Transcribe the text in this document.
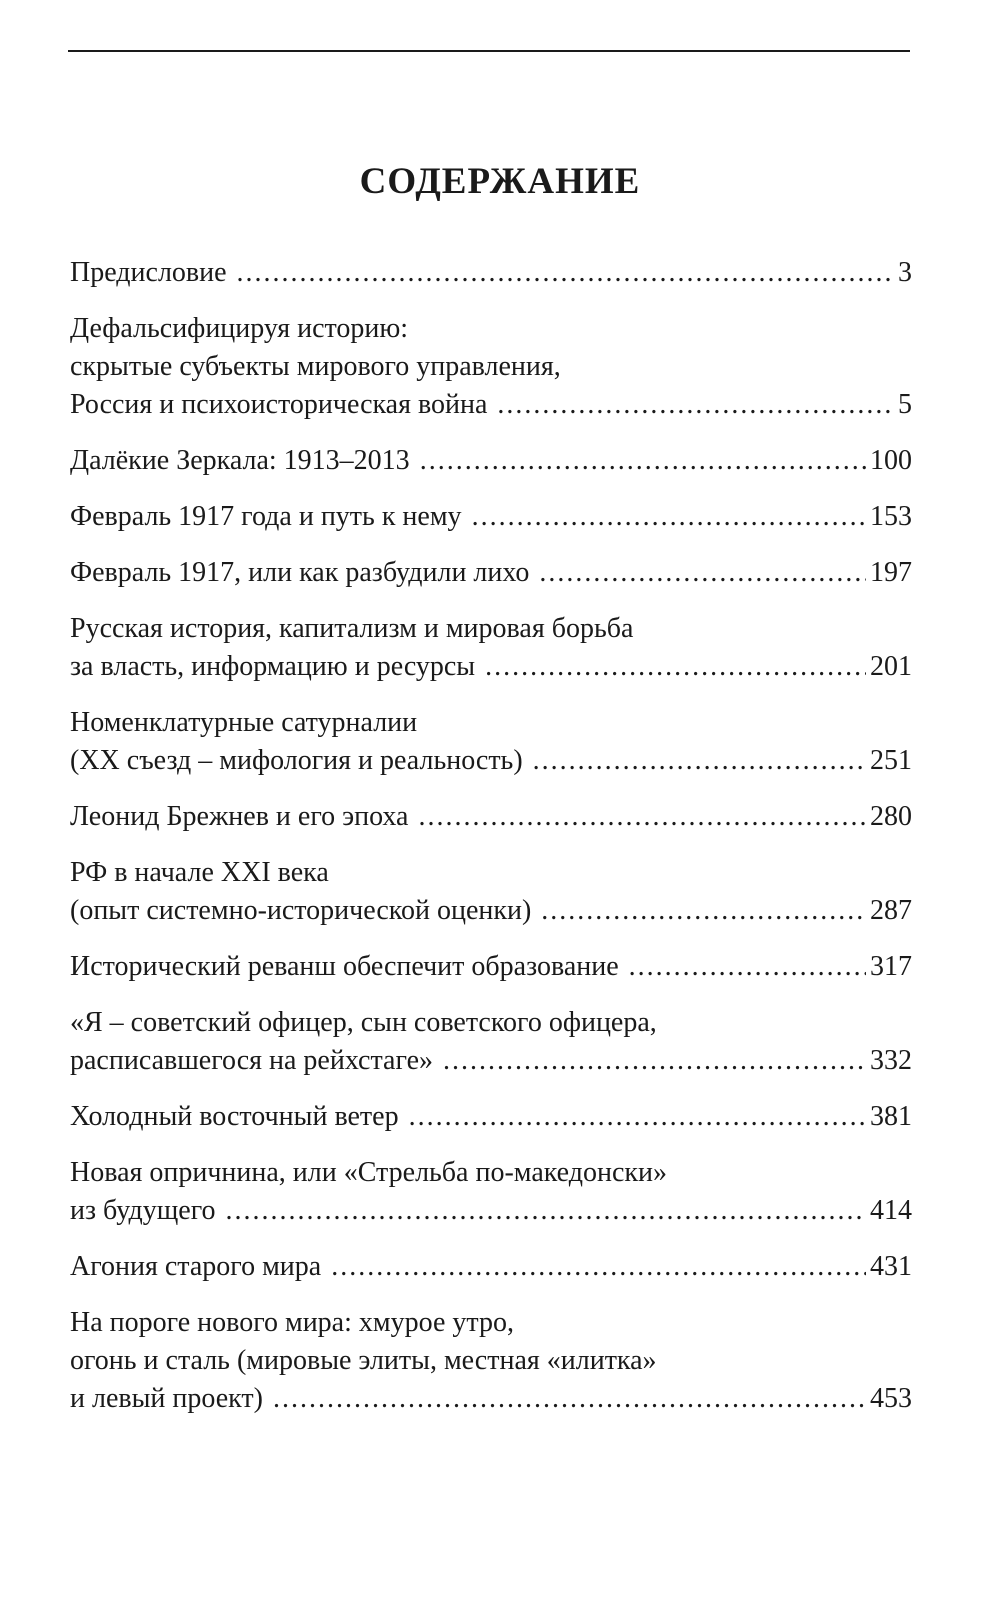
СОДЕРЖАНИЕ
Предисловие .....	3
Дефальсифицируя историю:
скрытые субъекты мирового управления,
Россия и психоисторическая война .....	5
Далёкие Зеркала: 1913–2013 .....	100
Февраль 1917 года и путь к нему .....	153
Февраль 1917, или как разбудили лихо .....	197
Русская история, капитализм и мировая борьба
за власть, информацию и ресурсы .....	201
Номенклатурные сатурналии
(XX съезд – мифология и реальность) .....	251
Леонид Брежнев и его эпоха .....	280
РФ в начале XXI века
(опыт системно-исторической оценки) .....	287
Исторический реванш обеспечит образование .....	317
«Я – советский офицер, сын советского офицера,
расписавшегося на рейхстаге» .....	332
Холодный восточный ветер .....	381
Новая опричнина, или «Стрельба по-македонски»
из будущего .....	414
Агония старого мира .....	431
На пороге нового мира: хмурое утро,
огонь и сталь (мировые элиты, местная «илитка»
и левый проект) .....	453
